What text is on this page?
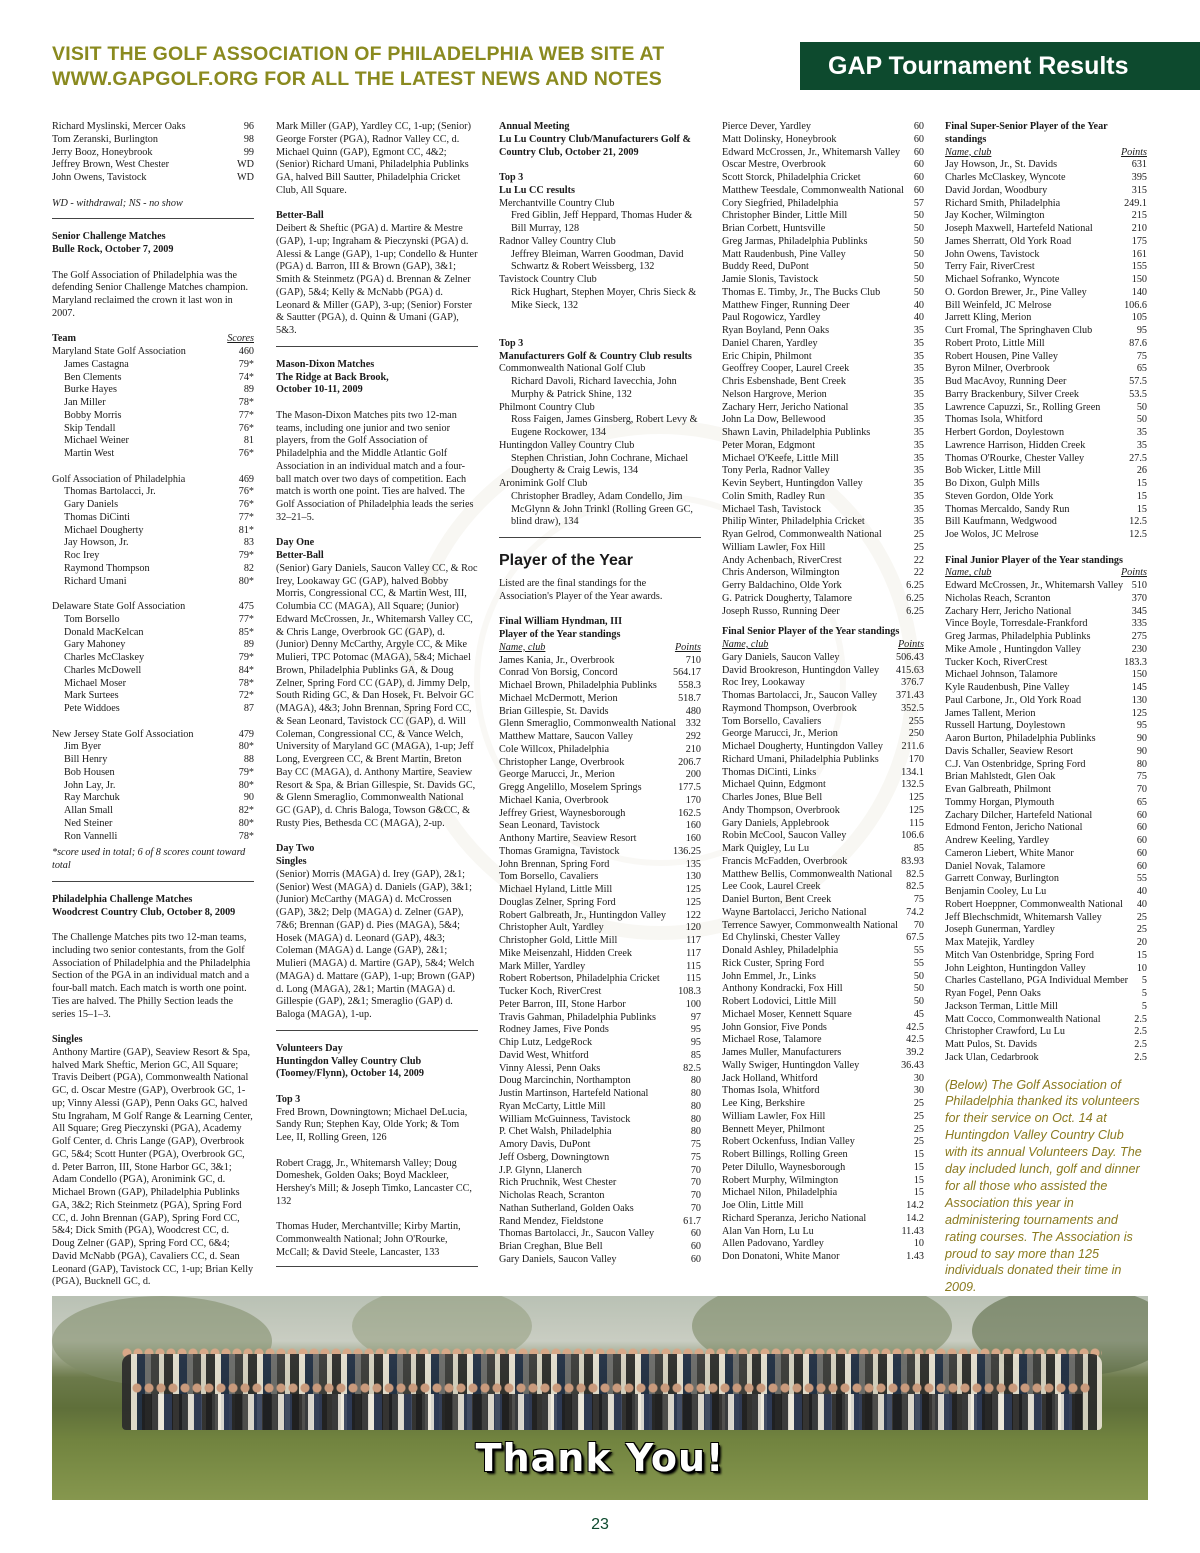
VISIT THE GOLF ASSOCIATION OF PHILADELPHIA WEB SITE AT
WWW.GAPGOLF.ORG FOR ALL THE LATEST NEWS AND NOTES	GAP Tournament Results
Richard Myslinski, Mercer Oaks	96
Tom Zeranski, Burlington	98
Jerry Booz, Honeybrook	99
Jeffrey Brown, West Chester	WD
John Owens, Tavistock	WD
WD - withdrawal; NS - no show
Senior Challenge Matches
Bulle Rock, October 7, 2009

The Golf Association of Philadelphia was the defending Senior Challenge Matches champion. Maryland reclaimed the crown it last won in 2007.

Team	Scores
Maryland State Golf Association	460
James Castagna	79*
Ben Clements	74*
Burke Hayes	89
Jan Miller	78*
Bobby Morris	77*
Skip Tendall	76*
Michael Weiner	81
Martin West	76*
Golf Association of Philadelphia	469
Thomas Bartolacci, Jr.	76*
Gary Daniels	76*
Thomas DiCinti	77*
Michael Dougherty	81*
Jay Howson, Jr.	83
Roc Irey	79*
Raymond Thompson	82
Richard Umani	80*
Delaware State Golf Association	475
Tom Borsello	77*
Donald MacKelcan	85*
Gary Mahoney	89
Charles McClaskey	79*
Charles McDowell	84*
Michael Moser	78*
Mark Surtees	72*
Pete Widdoes	87
New Jersey State Golf Association	479
Jim Byer	80*
Bill Henry	88
Bob Housen	79*
John Lay, Jr.	80*
Ray Marchuk	90
Allan Small	82*
Ned Steiner	80*
Ron Vannelli	78*
*score used in total; 6 of 8 scores count toward total
Philadelphia Challenge Matches
Woodcrest Country Club, October 8, 2009

The Challenge Matches pits two 12-man teams, including two senior contestants, from the Golf Association of Philadelphia and the Philadelphia Section of the PGA in an individual match and a four-ball match. Each match is worth one point. Ties are halved. The Philly Section leads the series 15–1–3.

Singles

Anthony Martire (GAP), Seaview Resort & Spa, halved Mark Sheftic, Merion GC, All Square; Travis Deibert (PGA), Commonwealth National GC, d. Oscar Mestre (GAP), Overbrook GC, 1-up; Vinny Alessi (GAP), Penn Oaks GC, halved Stu Ingraham, M Golf Range & Learning Center, All Square; Greg Pieczynski (PGA), Academy Golf Center, d. Chris Lange (GAP), Overbrook GC, 5&4; Scott Hunter (PGA), Overbrook GC, d. Peter Barron, III, Stone Harbor GC, 3&1; Adam Condello (PGA), Aronimink GC, d. Michael Brown (GAP), Philadelphia Publinks GA, 3&2; Rich Steinmetz (PGA), Spring Ford CC, d. John Brennan (GAP), Spring Ford CC, 5&4; Dick Smith (PGA), Woodcrest CC, d. Doug Zelner (GAP), Spring Ford CC, 6&4; David McNabb (PGA), Cavaliers CC, d. Sean Leonard (GAP), Tavistock CC, 1-up; Brian Kelly (PGA), Bucknell GC, d.

Mark Miller (GAP), Yardley CC, 1-up; (Senior) George Forster (PGA), Radnor Valley CC, d. Michael Quinn (GAP), Egmont CC, 4&2; (Senior) Richard Umani, Philadelphia Publinks GA, halved Bill Sautter, Philadelphia Cricket Club, All Square.

Better-Ball

Deibert & Sheftic (PGA) d. Martire & Mestre (GAP), 1-up; Ingraham & Pieczynski (PGA) d. Alessi & Lange (GAP), 1-up; Condello & Hunter (PGA) d. Barron, III & Brown (GAP), 3&1; Smith & Steinmetz (PGA) d. Brennan & Zelner (GAP), 5&4; Kelly & McNabb (PGA) d. Leonard & Miller (GAP), 3-up; (Senior) Forster & Sautter (PGA), d. Quinn & Umani (GAP), 5&3.

Mason-Dixon Matches
The Ridge at Back Brook,
October 10-11, 2009

The Mason-Dixon Matches pits two 12-man teams, including one junior and two senior players, from the Golf Association of Philadelphia and the Middle Atlantic Golf Association in an individual match and a four-ball match over two days of competition. Each match is worth one point. Ties are halved. The Golf Association of Philadelphia leads the series 32–21–5.

Day One
Better-Ball

(Senior) Gary Daniels, Saucon Valley CC, & Roc Irey, Lookaway GC (GAP), halved Bobby Morris, Congressional CC, & Martin West, III, Columbia CC (MAGA), All Square; (Junior) Edward McCrossen, Jr., Whitemarsh Valley CC, & Chris Lange, Overbrook GC (GAP), d. (Junior) Denny McCarthy, Argyle CC, & Mike Mulieri, TPC Potomac (MAGA), 5&4; Michael Brown, Philadelphia Publinks GA, & Doug Zelner, Spring Ford CC (GAP), d. Jimmy Delp, South Riding GC, & Dan Hosek, Ft. Belvoir GC (MAGA), 4&3; John Brennan, Spring Ford CC, & Sean Leonard, Tavistock CC (GAP), d. Will Coleman, Congressional CC, & Vance Welch, University of Maryland GC (MAGA), 1-up; Jeff Long, Evergreen CC, & Brent Martin, Breton Bay CC (MAGA), d. Anthony Martire, Seaview Resort & Spa, & Brian Gillespie, St. Davids GC, & Glenn Smeraglio, Commonwealth National GC (GAP), d. Chris Baloga, Towson G&CC, & Rusty Pies, Bethesda CC (MAGA), 2-up.

Day Two
Singles

(Senior) Morris (MAGA) d. Irey (GAP), 2&1; (Senior) West (MAGA) d. Daniels (GAP), 3&1; (Junior) McCarthy (MAGA) d. McCrossen (GAP), 3&2; Delp (MAGA) d. Zelner (GAP), 7&6; Brennan (GAP) d. Pies (MAGA), 5&4; Hosek (MAGA) d. Leonard (GAP), 4&3; Coleman (MAGA) d. Lange (GAP), 2&1; Mulieri (MAGA) d. Martire (GAP), 5&4; Welch (MAGA) d. Mattare (GAP), 1-up; Brown (GAP) d. Long (MAGA), 2&1; Martin (MAGA) d. Gillespie (GAP), 2&1; Smeraglio (GAP) d. Baloga (MAGA), 1-up.

Volunteers Day
Huntingdon Valley Country Club
(Toomey/Flynn), October 14, 2009
Top 3

Fred Brown, Downingtown; Michael DeLucia, Sandy Run; Stephen Kay, Olde York; & Tom Lee, II, Rolling Green, 126

Robert Cragg, Jr., Whitemarsh Valley; Doug Domeshek, Golden Oaks; Boyd Mackleer, Hershey's Mill; & Joseph Timko, Lancaster CC, 132

Thomas Huder, Merchantville; Kirby Martin, Commonwealth National; John O'Rourke, McCall; & David Steele, Lancaster, 133

Annual Meeting
Lu Lu Country Club/Manufacturers Golf & Country Club, October 21, 2009
Top 3
Lu Lu CC results
Merchantville Country Club
Fred Giblin, Jeff Heppard, Thomas Huder & Bill Murray, 128
Radnor Valley Country Club
Jeffrey Bleiman, Warren Goodman, David Schwartz & Robert Weissberg, 132
Tavistock Country Club
Rick Hughart, Stephen Moyer, Chris Sieck & Mike Sieck, 132
Top 3
Manufacturers Golf & Country Club results
Commonwealth National Golf Club
Richard Davoli, Richard Iavecchia, John Murphy & Patrick Shine, 132
Philmont Country Club
Ross Faigen, James Ginsberg, Robert Levy & Eugene Rockower, 134
Huntingdon Valley Country Club
Stephen Christian, John Cochrane, Michael Dougherty & Craig Lewis, 134
Aronimink Golf Club
Christopher Bradley, Adam Condello, Jim McGlynn & John Trinkl (Rolling Green GC, blind draw), 134
Player of the Year

Listed are the final standings for the Association's Player of the Year awards.

Final William Hyndman, III
Player of the Year standings
Name, club	Points
James Kania, Jr., Overbrook	710
Conrad Von Borsig, Concord	564.17
Michael Brown, Philadelphia Publinks	558.3
Michael McDermott, Merion	518.7
Brian Gillespie, St. Davids	480
Glenn Smeraglio, Commonwealth National 332
Matthew Mattare, Saucon Valley	292
Cole Willcox, Philadelphia	210
Christopher Lange, Overbrook	206.7
George Marucci, Jr., Merion	200
Gregg Angelillo, Moselem Springs	177.5
Michael Kania, Overbrook	170
Jeffrey Griest, Waynesborough	162.5
Sean Leonard, Tavistock	160
Anthony Martire, Seaview Resort	160
Thomas Gramigna, Tavistock	136.25
John Brennan, Spring Ford	135
Tom Borsello, Cavaliers	130
Michael Hyland, Little Mill	125
Douglas Zelner, Spring Ford	125
Robert Galbreath, Jr., Huntingdon Valley	122
Christopher Ault, Yardley	120
Christopher Gold, Little Mill	117
Mike Meisenzahl, Hidden Creek	117
Mark Miller, Yardley	115
Robert Robertson, Philadelphia Cricket	115
Tucker Koch, RiverCrest	108.3
Peter Barron, III, Stone Harbor	100
Travis Gahman, Philadelphia Publinks	97
Rodney James, Five Ponds	95
Chip Lutz, LedgeRock	95
David West, Whitford	85
Vinny Alessi, Penn Oaks	82.5
Doug Marcinchin, Northampton	80
Justin Martinson, Hartefeld National	80
Ryan McCarty, Little Mill	80
William McGuinness, Tavistock	80
P. Chet Walsh, Philadelphia	80
Amory Davis, DuPont	75
Jeff Osberg, Downingtown	75
J.P. Glynn, Llanerch	70
Rich Pruchnik, West Chester	70
Nicholas Reach, Scranton	70
Nathan Sutherland, Golden Oaks	70
Rand Mendez, Fieldstone	61.7
Thomas Bartolacci, Jr., Saucon Valley	60
Brian Creghan, Blue Bell	60
Gary Daniels, Saucon Valley	60
Pierce Dever, Yardley	60
Matt Dolinsky, Honeybrook	60
Edward McCrossen, Jr., Whitemarsh Valley	60
Oscar Mestre, Overbrook	60
Scott Storck, Philadelphia Cricket	60
Matthew Teesdale, Commonwealth National 60
Cory Siegfried, Philadelphia	57
Christopher Binder, Little Mill	50
Brian Corbett, Huntsville	50
Greg Jarmas, Philadelphia Publinks	50
Matt Raudenbush, Pine Valley	50
Buddy Reed, DuPont	50
Jamie Slonis, Tavistock	50
Thomas E. Timby, Jr., The Bucks Club	50
Matthew Finger, Running Deer	40
Paul Rogowicz, Yardley	40
Ryan Boyland, Penn Oaks	35
Daniel Charen, Yardley	35
Eric Chipin, Philmont	35
Geoffrey Cooper, Laurel Creek	35
Chris Esbenshade, Bent Creek	35
Nelson Hargrove, Merion	35
Zachary Herr, Jericho National	35
John La Dow, Bellewood	35
Shawn Lavin, Philadelphia Publinks	35
Peter Moran, Edgmont	35
Michael O'Keefe, Little Mill	35
Tony Perla, Radnor Valley	35
Kevin Seybert, Huntingdon Valley	35
Colin Smith, Radley Run	35
Michael Tash, Tavistock	35
Philip Winter, Philadelphia Cricket	35
Ryan Gelrod, Commonwealth National	25
William Lawler, Fox Hill	25
Andy Achenbach, RiverCrest	22
Chris Anderson, Wilmington	22
Gerry Baldachino, Olde York	6.25
G. Patrick Dougherty, Talamore	6.25
Joseph Russo, Running Deer	6.25
Final Senior Player of the Year standings
Name, club	Points
Gary Daniels, Saucon Valley	506.43
David Brookreson, Huntingdon Valley	415.63
Roc Irey, Lookaway	376.7
Thomas Bartolacci, Jr., Saucon Valley	371.43
Raymond Thompson, Overbrook	352.5
Tom Borsello, Cavaliers	255
George Marucci, Jr., Merion	250
Michael Dougherty, Huntingdon Valley	211.6
Richard Umani, Philadelphia Publinks	170
Thomas DiCinti, Links	134.1
Michael Quinn, Edgmont	132.5
Charles Jones, Blue Bell	125
Andy Thompson, Overbrook	125
Gary Daniels, Applebrook	115
Robin McCool, Saucon Valley	106.6
Mark Quigley, Lu Lu	85
Francis McFadden, Overbrook	83.93
Matthew Bellis, Commonwealth National	82.5
Lee Cook, Laurel Creek	82.5
Daniel Burton, Bent Creek	75
Wayne Bartolacci, Jericho National	74.2
Terrence Sawyer, Commonwealth National	70
Ed Chylinski, Chester Valley	67.5
Donald Ashley, Philadelphia	55
Rick Custer, Spring Ford	55
John Emmel, Jr., Links	50
Anthony Kondracki, Fox Hill	50
Robert Lodovici, Little Mill	50
Michael Moser, Kennett Square	45
John Gonsior, Five Ponds	42.5
Michael Rose, Talamore	42.5
James Muller, Manufacturers	39.2
Wally Swiger, Huntingdon Valley	36.43
Jack Holland, Whitford	30
Thomas Isola, Whitford	30
Lee King, Berkshire	25
William Lawler, Fox Hill	25
Bennett Meyer, Philmont	25
Robert Ockenfuss, Indian Valley	25
Robert Billings, Rolling Green	15
Peter Dilullo, Waynesborough	15
Robert Murphy, Wilmington	15
Michael Nilon, Philadelphia	15
Joe Olin, Little Mill	14.2
Richard Speranza, Jericho National	14.2
Alan Van Horn, Lu Lu	11.43
Allen Padovano, Yardley	10
Don Donatoni, White Manor	1.43
Final Super-Senior Player of the Year standings
Name, club	Points
Jay Howson, Jr., St. Davids	631
Charles McClaskey, Wyncote	395
David Jordan, Woodbury	315
Richard Smith, Philadelphia	249.1
Jay Kocher, Wilmington	215
Joseph Maxwell, Hartefeld National	210
James Sherratt, Old York Road	175
John Owens, Tavistock	161
Terry Fair, RiverCrest	155
Michael Sofranko, Wyncote	150
O. Gordon Brewer, Jr., Pine Valley	140
Bill Weinfeld, JC Melrose	106.6
Jarrett Kling, Merion	105
Curt Fromal, The Springhaven Club	95
Robert Proto, Little Mill	87.6
Robert Housen, Pine Valley	75
Byron Milner, Overbrook	65
Bud MacAvoy, Running Deer	57.5
Barry Brackenbury, Silver Creek	53.5
Lawrence Capuzzi, Sr., Rolling Green	50
Thomas Isola, Whitford	50
Herbert Gordon, Doylestown	35
Lawrence Harrison, Hidden Creek	35
Thomas O'Rourke, Chester Valley	27.5
Bob Wicker, Little Mill	26
Bo Dixon, Gulph Mills	15
Steven Gordon, Olde York	15
Thomas Mercaldo, Sandy Run	15
Bill Kaufmann, Wedgwood	12.5
Joe Wolos, JC Melrose	12.5
Final Junior Player of the Year standings
Name, club	Points
Edward McCrossen, Jr., Whitemarsh Valley 510
Nicholas Reach, Scranton	370
Zachary Herr, Jericho National	345
Vince Boyle, Torresdale-Frankford	335
Greg Jarmas, Philadelphia Publinks	275
Mike Amole , Huntingdon Valley	230
Tucker Koch, RiverCrest	183.3
Michael Johnson, Talamore	150
Kyle Raudenbush, Pine Valley	145
Paul Carbone, Jr., Old York Road	130
James Tallent, Merion	125
Russell Hartung, Doylestown	95
Aaron Burton, Philadelphia Publinks	90
Davis Schaller, Seaview Resort	90
C.J. Van Ostenbridge, Spring Ford	80
Brian Mahlstedt, Glen Oak	75
Evan Galbreath, Philmont	70
Tommy Horgan, Plymouth	65
Zachary Dilcher, Hartefeld National	60
Edmond Fenton, Jericho National	60
Andrew Keeling, Yardley	60
Cameron Liebert, White Manor	60
Daniel Novak, Talamore	60
Garrett Conway, Burlington	55
Benjamin Cooley, Lu Lu	40
Robert Hoeppner, Commonwealth National	40
Jeff Blechschmidt, Whitemarsh Valley	25
Joseph Gunerman, Yardley	25
Max Matejik, Yardley	20
Mitch Van Ostenbridge, Spring Ford	15
John Leighton, Huntingdon Valley	10
Charles Castellano, PGA Individual Member	5
Ryan Fogel, Penn Oaks	5
Jackson Terman, Little Mill	5
Matt Cocco, Commonwealth National	2.5
Christopher Crawford, Lu Lu	2.5
Matt Pulos, St. Davids	2.5
Jack Ulan, Cedarbrook	2.5

(Below) The Golf Association of Philadelphia thanked its volunteers for their service on Oct. 14 at Huntingdon Valley Country Club with its annual Volunteers Day. The day included lunch, golf and dinner for all those who assisted the Association this year in administering tournaments and rating courses. The Association is proud to say more than 125 individuals donated their time in 2009.

Thank You!
23
